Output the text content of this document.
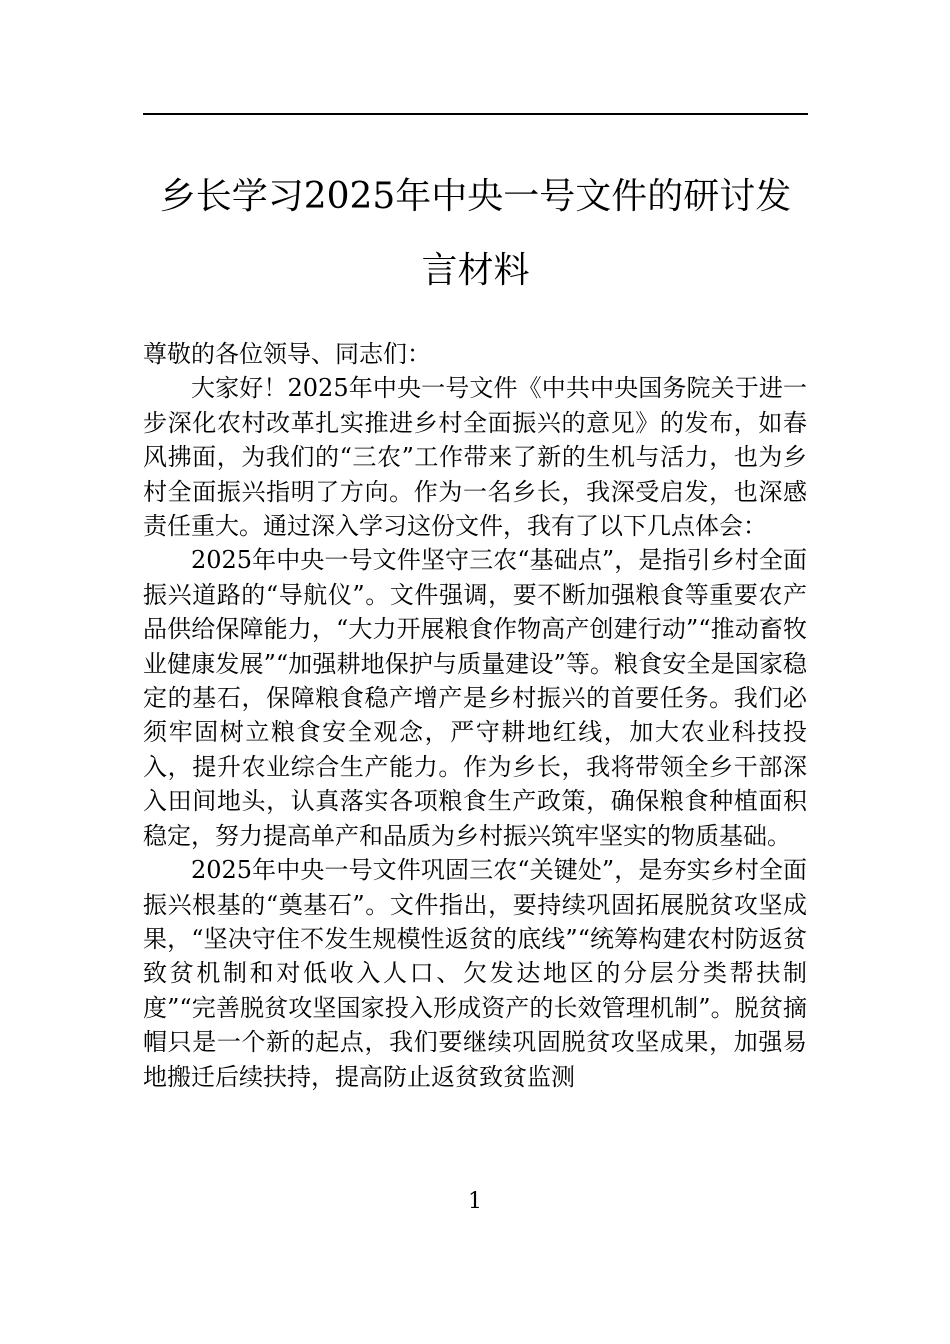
乡长学习2025年中央一号文件的研讨发言材料

尊敬的各位领导、同志们：

大家好！2025年中央一号文件《中共中央国务院关于进一步深化农村改革扎实推进乡村全面振兴的意见》的发布，如春风拂面，为我们的“三农”工作带来了新的生机与活力，也为乡村全面振兴指明了方向。作为一名乡长，我深受启发，也深感责任重大。通过深入学习这份文件，我有了以下几点体会：

2025年中央一号文件坚守三农“基础点”，是指引乡村全面振兴道路的“导航仪”。文件强调，要不断加强粮食等重要农产品供给保障能力，“大力开展粮食作物高产创建行动”“推动畜牧业健康发展”“加强耕地保护与质量建设”等。粮食安全是国家稳定的基石，保障粮食稳产增产是乡村振兴的首要任务。我们必须牢固树立粮食安全观念，严守耕地红线，加大农业科技投入，提升农业综合生产能力。作为乡长，我将带领全乡干部深入田间地头，认真落实各项粮食生产政策，确保粮食种植面积稳定，努力提高单产和品质为乡村振兴筑牢坚实的物质基础。

2025年中央一号文件巩固三农“关键处”，是夯实乡村全面振兴根基的“奠基石”。文件指出，要持续巩固拓展脱贫攻坚成果，“坚决守住不发生规模性返贫的底线”“统筹构建农村防返贫致贫机制和对低收入人口、欠发达地区的分层分类帮扶制度”“完善脱贫攻坚国家投入形成资产的长效管理机制”。脱贫摘帽只是一个新的起点，我们要继续巩固脱贫攻坚成果，加强易地搬迁后续扶持，提高防止返贫致贫监测

1
